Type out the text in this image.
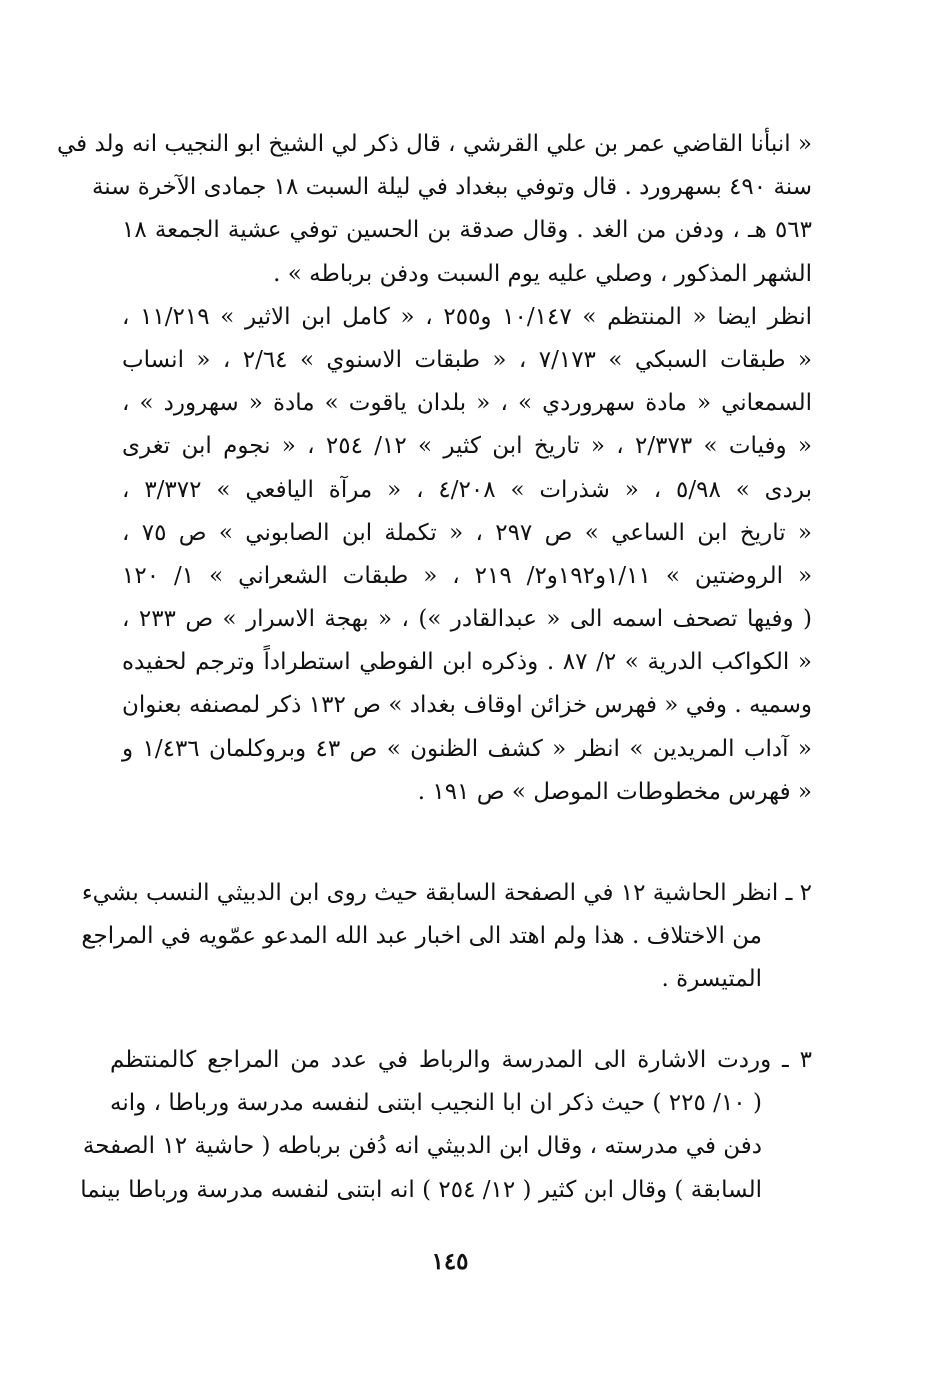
« انبأنا القاضي عمر بن علي القرشي ، قال ذكر لي الشيخ ابو النجيب انه ولد في
سنة ٤٩٠ بسهرورد . قال وتوفي ببغداد في ليلة السبت ١٨ جمادى الآخرة سنة
٥٦٣ هـ ، ودفن من الغد . وقال صدقة بن الحسين توفي عشية الجمعة ١٨
الشهر المذكور ، وصلي عليه يوم السبت ودفن برباطه » .
انظر ايضا « المنتظم » ١٠/١٤٧ و٢٥٥ ، « كامل ابن الاثير » ١١/٢١٩ ،
« طبقات السبكي » ٧/١٧٣ ، « طبقات الاسنوي » ٢/٦٤ ، « انساب
السمعاني « مادة سهروردي » ، « بلدان ياقوت » مادة « سهرورد » ،
« وفيات » ٢/٣٧٣ ، « تاريخ ابن كثير » ١٢/ ٢٥٤ ، « نجوم ابن تغرى
بردى » ٥/٩٨ ، « شذرات » ٤/٢٠٨ ، « مرآة اليافعي » ٣/٣٧٢ ،
« تاريخ ابن الساعي » ص ٢٩٧ ، « تكملة ابن الصابوني » ص ٧٥ ،
« الروضتين » ١/١١و١٩٢و٢/ ٢١٩ ، « طبقات الشعراني » ١/ ١٢٠
( وفيها تصحف اسمه الى « عبدالقادر ») ، « بهجة الاسرار » ص ٢٣٣ ،
« الكواكب الدرية » ٢/ ٨٧ . وذكره ابن الفوطي استطراداً وترجم لحفيده
وسميه . وفي « فهرس خزائن اوقاف بغداد » ص ١٣٢ ذكر لمصنفه بعنوان
« آداب المريدين » انظر « كشف الظنون » ص ٤٣ وبروكلمان ١/٤٣٦ و
« فهرس مخطوطات الموصل » ص ١٩١ .
٢ ـ انظر الحاشية ١٢ في الصفحة السابقة حيث روى ابن الدبيثي النسب بشيء
من الاختلاف . هذا ولم اهتد الى اخبار عبد الله المدعو عمّويه في المراجع
المتيسرة .
٣ ـ وردت الاشارة الى المدرسة والرباط في عدد من المراجع كالمنتظم
( ١٠/ ٢٢٥ ) حيث ذكر ان ابا النجيب ابتنى لنفسه مدرسة ورباطا ، وانه
دفن في مدرسته ، وقال ابن الدبيثي انه دُفن برباطه ( حاشية ١٢ الصفحة
السابقة ) وقال ابن كثير ( ١٢/ ٢٥٤ ) انه ابتنى لنفسه مدرسة ورباطا بينما
١٤٥
